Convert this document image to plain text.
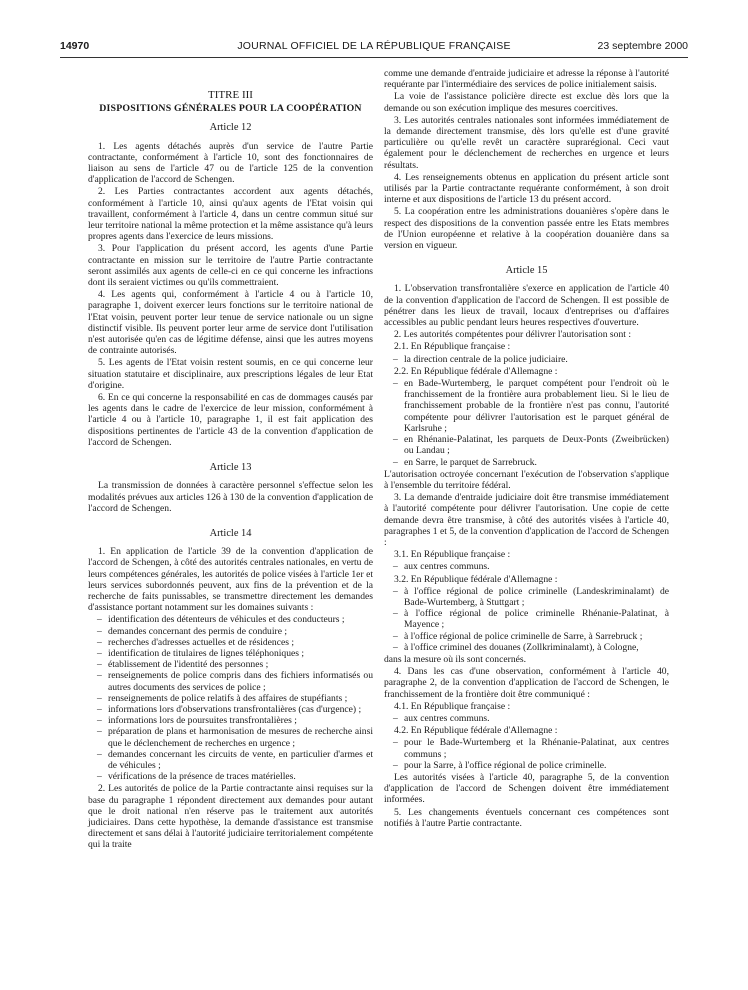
14970	JOURNAL OFFICIEL DE LA RÉPUBLIQUE FRANÇAISE	23 septembre 2000
TITRE III
DISPOSITIONS GÉNÉRALES POUR LA COOPÉRATION
Article 12

1. Les agents détachés auprès d'un service de l'autre Partie contractante, conformément à l'article 10, sont des fonctionnaires de liaison au sens de l'article 47 ou de l'article 125 de la convention d'application de l'accord de Schengen.

2. Les Parties contractantes accordent aux agents détachés, conformément à l'article 10, ainsi qu'aux agents de l'Etat voisin qui travaillent, conformément à l'article 4, dans un centre commun situé sur leur territoire national la même protection et la même assistance qu'à leurs propres agents dans l'exercice de leurs missions.

3. Pour l'application du présent accord, les agents d'une Partie contractante en mission sur le territoire de l'autre Partie contractante seront assimilés aux agents de celle-ci en ce qui concerne les infractions dont ils seraient victimes ou qu'ils commettraient.

4. Les agents qui, conformément à l'article 4 ou à l'article 10, paragraphe 1, doivent exercer leurs fonctions sur le territoire national de l'Etat voisin, peuvent porter leur tenue de service nationale ou un signe distinctif visible. Ils peuvent porter leur arme de service dont l'utilisation n'est autorisée qu'en cas de légitime défense, ainsi que les autres moyens de contrainte autorisés.

5. Les agents de l'Etat voisin restent soumis, en ce qui concerne leur situation statutaire et disciplinaire, aux prescriptions légales de leur Etat d'origine.

6. En ce qui concerne la responsabilité en cas de dommages causés par les agents dans le cadre de l'exercice de leur mission, conformément à l'article 4 ou à l'article 10, paragraphe 1, il est fait application des dispositions pertinentes de l'article 43 de la convention d'application de l'accord de Schengen.

Article 13

La transmission de données à caractère personnel s'effectue selon les modalités prévues aux articles 126 à 130 de la convention d'application de l'accord de Schengen.

Article 14

1. En application de l'article 39 de la convention d'application de l'accord de Schengen, à côté des autorités centrales nationales, en vertu de leurs compétences générales, les autorités de police visées à l'article 1er et leurs services subordonnés peuvent, aux fins de la prévention et de la recherche de faits punissables, se transmettre directement les demandes d'assistance portant notamment sur les domaines suivants :

– identification des détenteurs de véhicules et des conducteurs ;
– demandes concernant des permis de conduire ;
– recherches d'adresses actuelles et de résidences ;
– identification de titulaires de lignes téléphoniques ;
– établissement de l'identité des personnes ;
– renseignements de police compris dans des fichiers informatisés ou autres documents des services de police ;
– renseignements de police relatifs à des affaires de stupéfiants ;
– informations lors d'observations transfrontalières (cas d'urgence) ;
– informations lors de poursuites transfrontalières ;
– préparation de plans et harmonisation de mesures de recherche ainsi que le déclenchement de recherches en urgence ;
– demandes concernant les circuits de vente, en particulier d'armes et de véhicules ;
– vérifications de la présence de traces matérielles.

2. Les autorités de police de la Partie contractante ainsi requises sur la base du paragraphe 1 répondent directement aux demandes pour autant que le droit national n'en réserve pas le traitement aux autorités judiciaires. Dans cette hypothèse, la demande d'assistance est transmise directement et sans délai à l'autorité judiciaire territorialement compétente qui la traite

comme une demande d'entraide judiciaire et adresse la réponse à l'autorité requérante par l'intermédiaire des services de police initialement saisis.

La voie de l'assistance policière directe est exclue dès lors que la demande ou son exécution implique des mesures coercitives.

3. Les autorités centrales nationales sont informées immédiatement de la demande directement transmise, dès lors qu'elle est d'une gravité particulière ou qu'elle revêt un caractère suprarégional. Ceci vaut également pour le déclenchement de recherches en urgence et leurs résultats.

4. Les renseignements obtenus en application du présent article sont utilisés par la Partie contractante requérante conformément, à son droit interne et aux dispositions de l'article 13 du présent accord.

5. La coopération entre les administrations douanières s'opère dans le respect des dispositions de la convention passée entre les Etats membres de l'Union européenne et relative à la coopération douanière dans sa version en vigueur.

Article 15

1. L'observation transfrontalière s'exerce en application de l'article 40 de la convention d'application de l'accord de Schengen. Il est possible de pénétrer dans les lieux de travail, locaux d'entreprises ou d'affaires accessibles au public pendant leurs heures respectives d'ouverture.

2. Les autorités compétentes pour délivrer l'autorisation sont :

2.1. En République française :

– la direction centrale de la police judiciaire.

2.2. En République fédérale d'Allemagne :

– en Bade-Wurtemberg, le parquet compétent pour l'endroit où le franchissement de la frontière aura probablement lieu. Si le lieu de franchissement probable de la frontière n'est pas connu, l'autorité compétente pour délivrer l'autorisation est le parquet général de Karlsruhe ;
– en Rhénanie-Palatinat, les parquets de Deux-Ponts (Zweibrücken) ou Landau ;
– en Sarre, le parquet de Sarrebruck.

L'autorisation octroyée concernant l'exécution de l'observation s'applique à l'ensemble du territoire fédéral.

3. La demande d'entraide judiciaire doit être transmise immédiatement à l'autorité compétente pour délivrer l'autorisation. Une copie de cette demande devra être transmise, à côté des autorités visées à l'article 40, paragraphes 1 et 5, de la convention d'application de l'accord de Schengen :

3.1. En République française :

– aux centres communs.

3.2. En République fédérale d'Allemagne :

– à l'office régional de police criminelle (Landeskriminalamt) de Bade-Wurtemberg, à Stuttgart ;
– à l'office régional de police criminelle Rhénanie-Palatinat, à Mayence ;
– à l'office régional de police criminelle de Sarre, à Sarrebruck ;
– à l'office criminel des douanes (Zollkriminalamt), à Cologne,

dans la mesure où ils sont concernés.

4. Dans les cas d'une observation, conformément à l'article 40, paragraphe 2, de la convention d'application de l'accord de Schengen, le franchissement de la frontière doit être communiqué :

4.1. En République française :

– aux centres communs.

4.2. En République fédérale d'Allemagne :

– pour le Bade-Wurtemberg et la Rhénanie-Palatinat, aux centres communs ;
– pour la Sarre, à l'office régional de police criminelle.

Les autorités visées à l'article 40, paragraphe 5, de la convention d'application de l'accord de Schengen doivent être immédiatement informées.

5. Les changements éventuels concernant ces compétences sont notifiés à l'autre Partie contractante.
